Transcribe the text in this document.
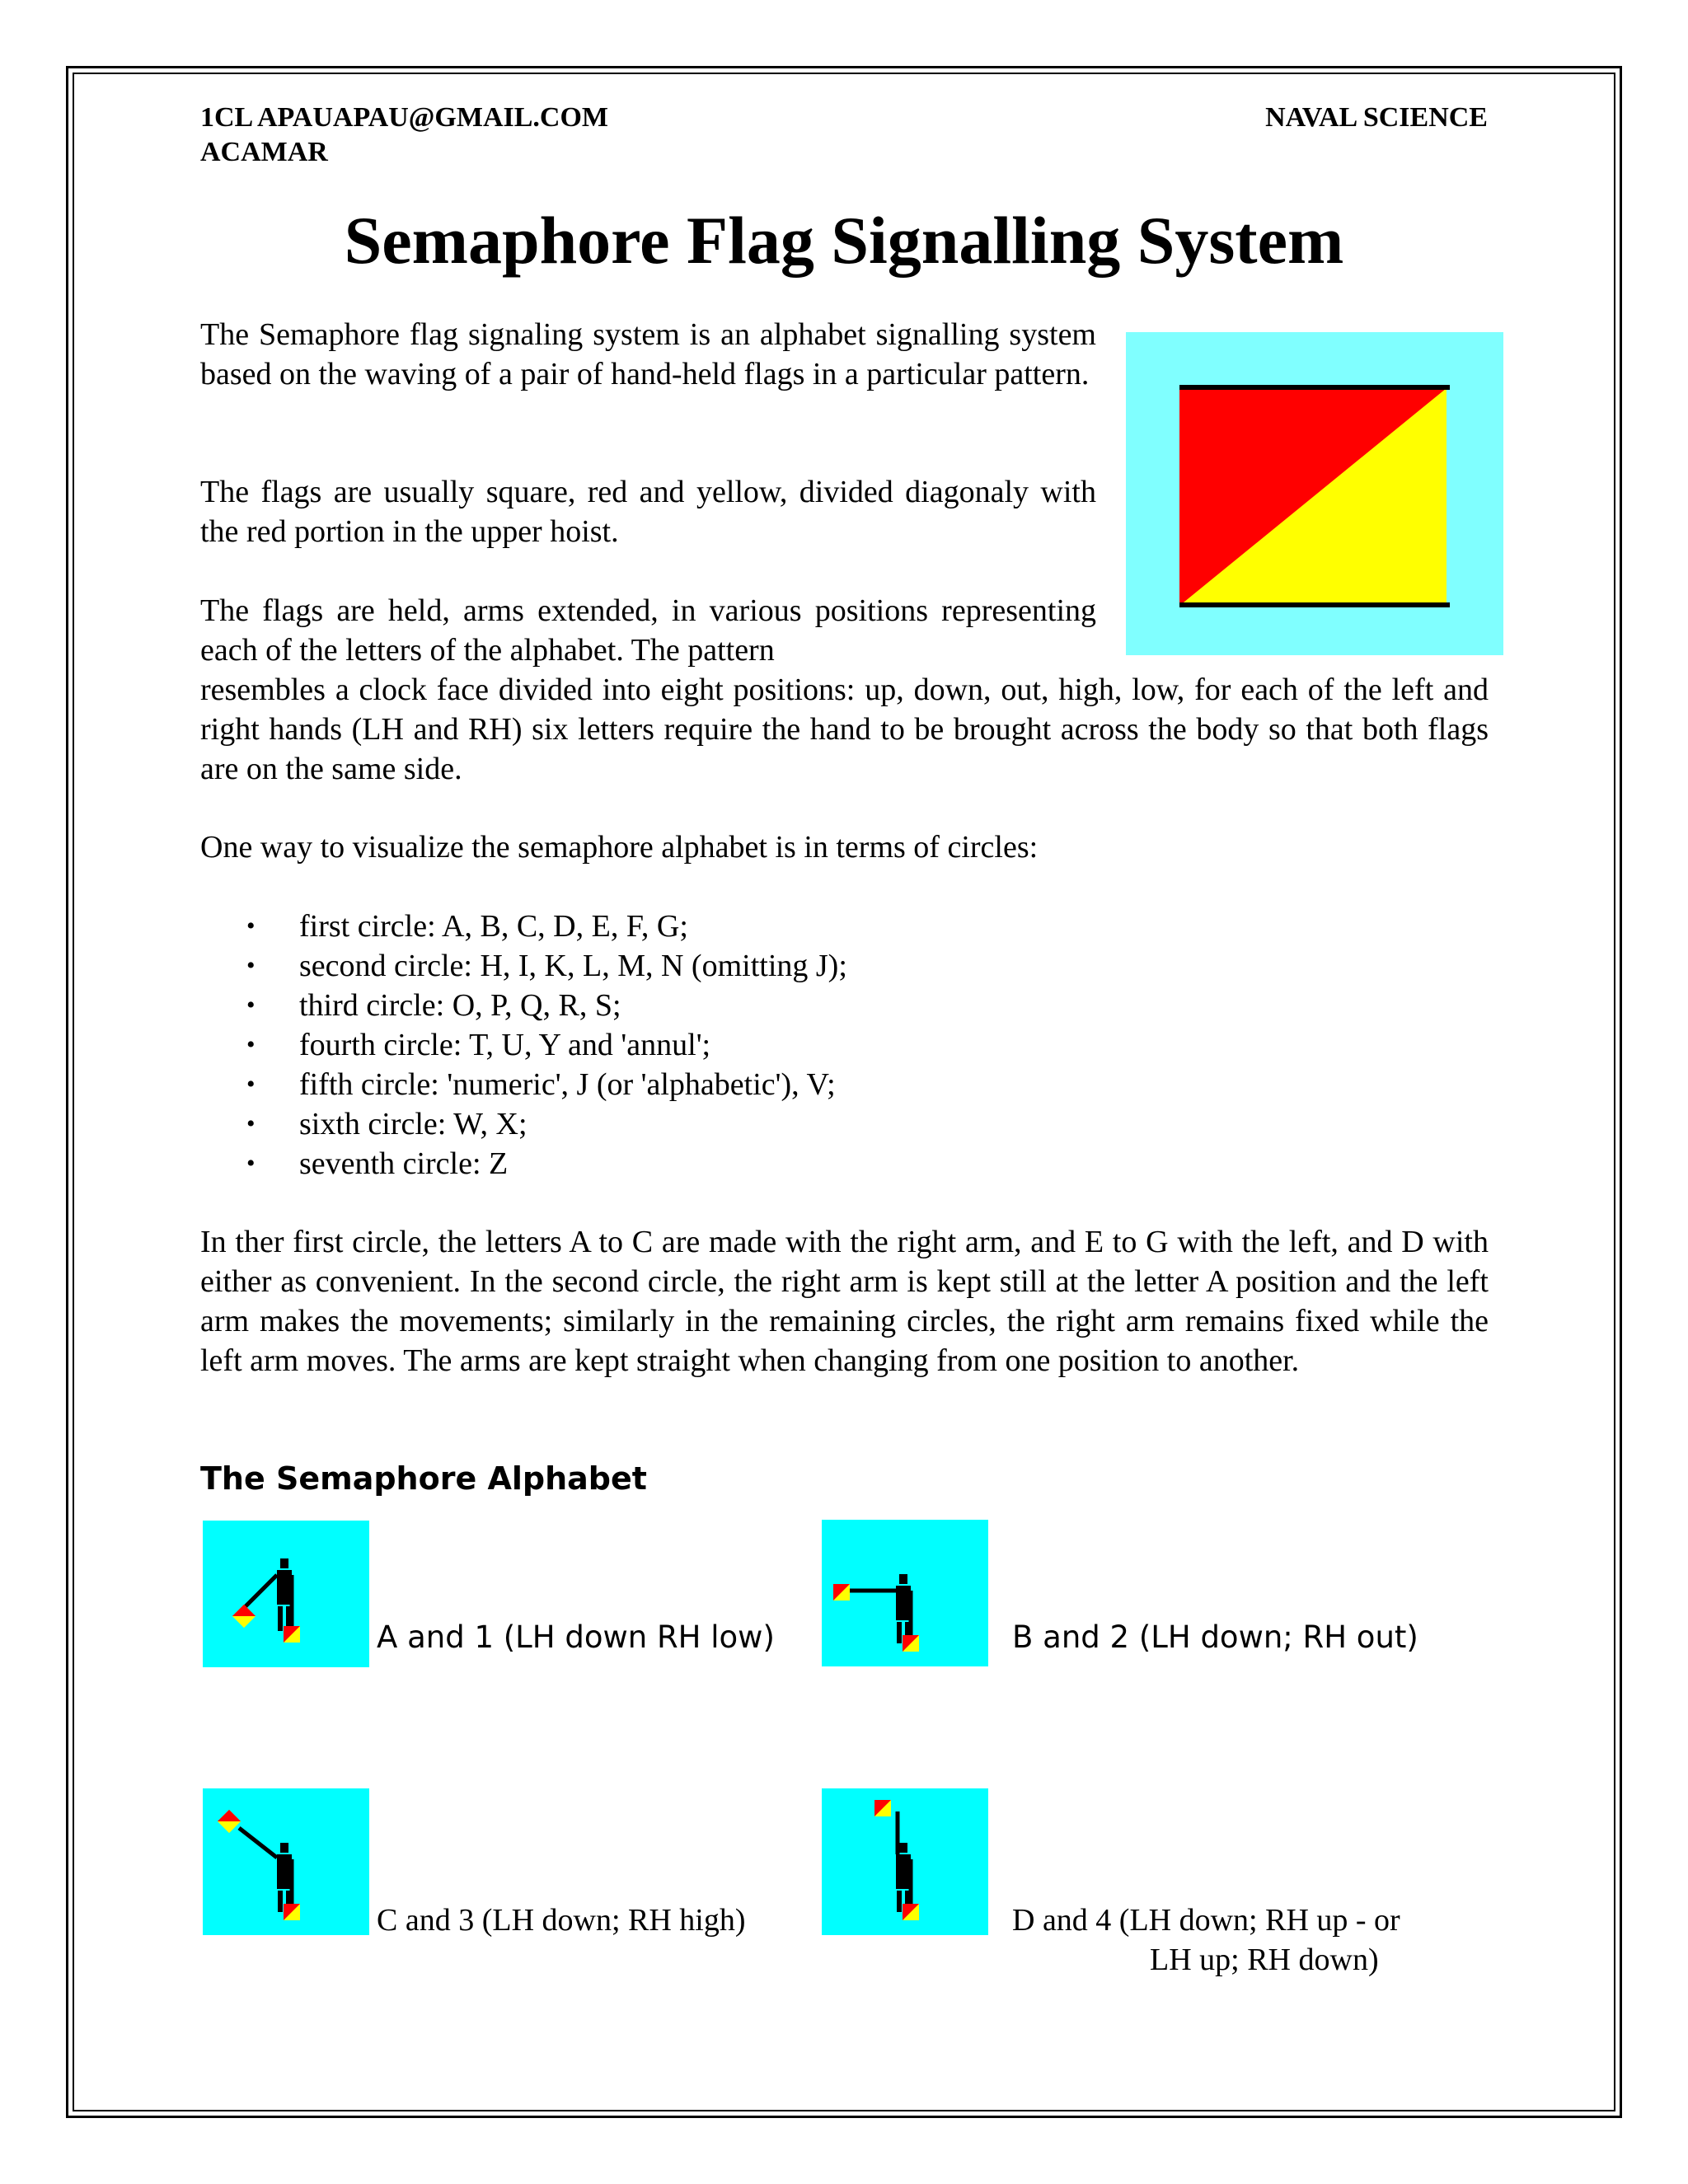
1CL APAUAPAU@GMAIL.COM
ACAMAR
NAVAL SCIENCE
Semaphore Flag Signalling System

The Semaphore flag signaling system is an alphabet signalling system based on the waving of a pair of hand-held flags in a particular pattern.

The flags are usually square, red and yellow, divided diagonaly with the red portion in the upper hoist.

The flags are held, arms extended, in various positions representing each of the letters of the alphabet. The pattern

resembles a clock face divided into eight positions: up, down, out, high, low, for each of the left and right hands (LH and RH) six letters require the hand to be brought across the body so that both flags are on the same side.

One way to visualize the semaphore alphabet is in terms of circles:

• first circle: A, B, C, D, E, F, G;
• second circle: H, I, K, L, M, N (omitting J);
• third circle: O, P, Q, R, S;
• fourth circle: T, U, Y and 'annul';
• fifth circle: 'numeric', J (or 'alphabetic'), V;
• sixth circle: W, X;
• seventh circle: Z

In ther first circle, the letters A to C are made with the right arm, and E to G with the left, and D with either as convenient. In the second circle, the right arm is kept still at the letter A position and the left arm makes the movements; similarly in the remaining circles, the right arm remains fixed while the left arm moves. The arms are kept straight when changing from one position to another.

The Semaphore Alphabet
A and 1 (LH down RH low)	B and 2 (LH down; RH out)
C and 3 (LH down; RH high)	D and 4 (LH down; RH up - or
LH up; RH down)
